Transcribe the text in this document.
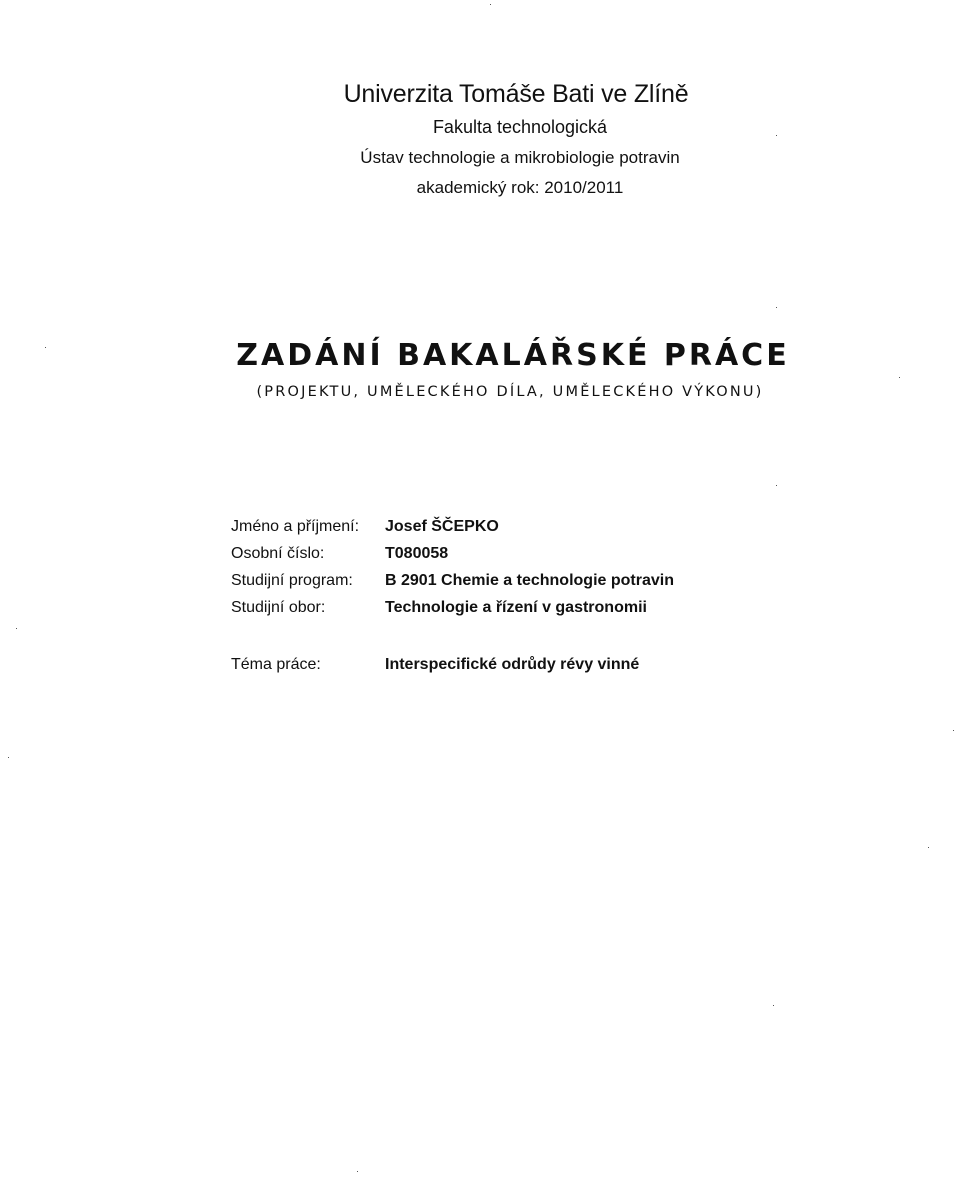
Univerzita Tomáše Bati ve Zlíně
Fakulta technologická
Ústav technologie a mikrobiologie potravin
akademický rok: 2010/2011
ZADÁNÍ BAKALÁŘSKÉ PRÁCE
(PROJEKTU, UMĚLECKÉHO DÍLA, UMĚLECKÉHO VÝKONU)
Jméno a příjmení:	Josef ŠČEPKO
Osobní číslo:	T080058
Studijní program:	B 2901 Chemie a technologie potravin
Studijní obor:	Technologie a řízení v gastronomii
Téma práce:	Interspecifické odrůdy révy vinné
